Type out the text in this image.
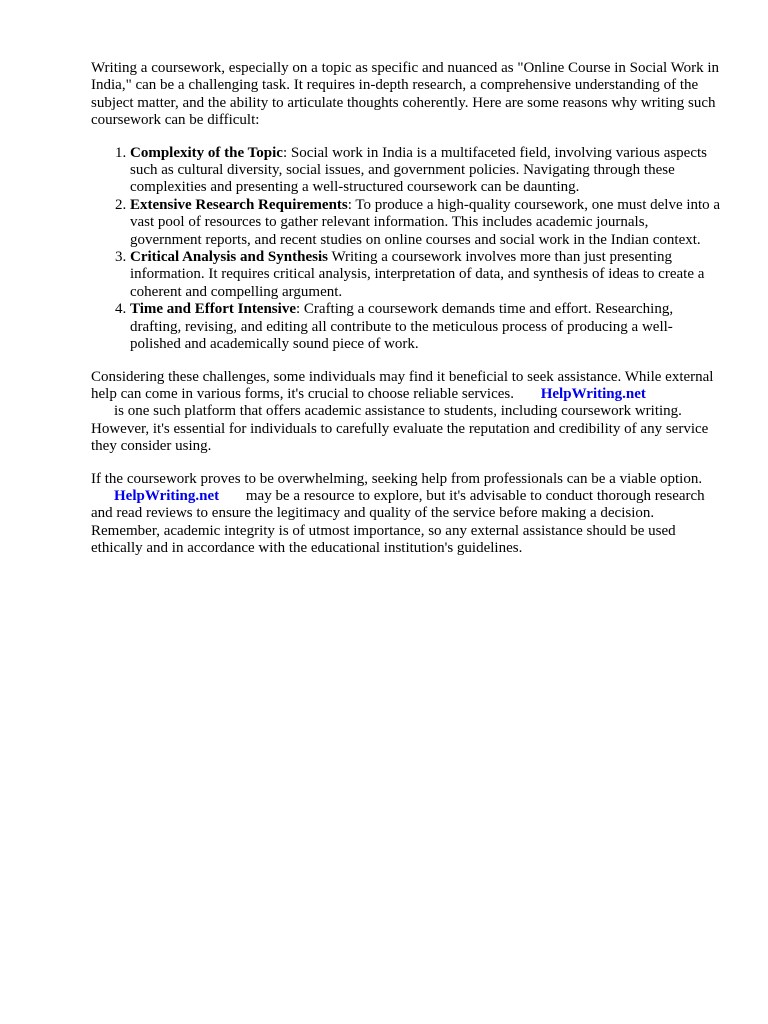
Writing a coursework, especially on a topic as specific and nuanced as "Online Course in Social Work in India," can be a challenging task. It requires in-depth research, a comprehensive understanding of the subject matter, and the ability to articulate thoughts coherently. Here are some reasons why writing such coursework can be difficult:

1. Complexity of the Topic: Social work in India is a multifaceted field, involving various aspects such as cultural diversity, social issues, and government policies. Navigating through these complexities and presenting a well-structured coursework can be daunting.
2. Extensive Research Requirements: To produce a high-quality coursework, one must delve into a vast pool of resources to gather relevant information. This includes academic journals, government reports, and recent studies on online courses and social work in the Indian context.
3. Critical Analysis and Synthesis Writing a coursework involves more than just presenting information. It requires critical analysis, interpretation of data, and synthesis of ideas to create a coherent and compelling argument.
4. Time and Effort Intensive: Crafting a coursework demands time and effort. Researching, drafting, revising, and editing all contribute to the meticulous process of producing a well-polished and academically sound piece of work.

Considering these challenges, some individuals may find it beneficial to seek assistance. While external help can come in various forms, it's crucial to choose reliable services. HelpWriting.net
is one such platform that offers academic assistance to students, including coursework writing. However, it's essential for individuals to carefully evaluate the reputation and credibility of any service they consider using.

If the coursework proves to be overwhelming, seeking help from professionals can be a viable option. HelpWriting.net may be a resource to explore, but it's advisable to conduct thorough research and read reviews to ensure the legitimacy and quality of the service before making a decision. Remember, academic integrity is of utmost importance, so any external assistance should be used ethically and in accordance with the educational institution's guidelines.
